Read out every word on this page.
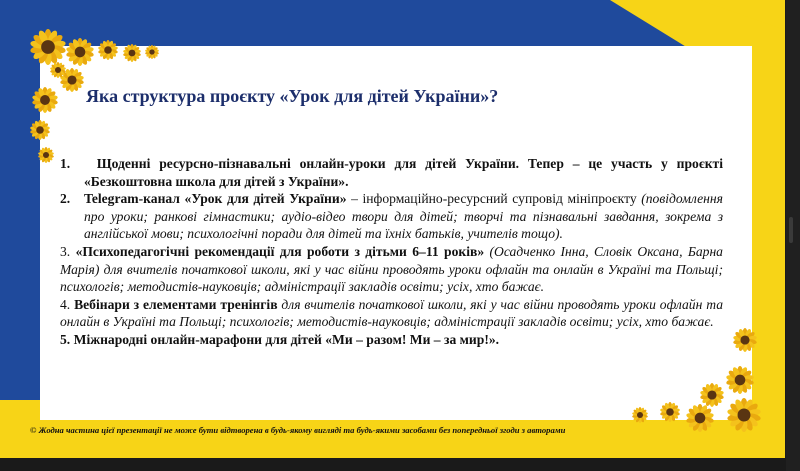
Яка структура проєкту «Урок для дітей України»?
1. Щоденні ресурсно-пізнавальні онлайн-уроки для дітей України. Тепер – це участь у проєкті «Безкоштовна школа для дітей з України».
2. Telegram-канал «Урок для дітей України» – інформаційно-ресурсний супровід мініпроєкту (повідомлення про уроки; ранкові гімнастики; аудіо-відео твори для дітей; творчі та пізнавальні завдання, зокрема з англійської мови; психологічні поради для дітей та їхніх батьків, учителів тощо).
3. «Психопедагогічні рекомендації для роботи з дітьми 6–11 років» (Осадченко Інна, Словік Оксана, Барна Марія) для вчителів початкової школи, які у час війни проводять уроки офлайн та онлайн в Україні та Польщі; психологів; методистів-науковців; адміністрації закладів освіти; усіх, хто бажає.
4. Вебінари з елементами тренінгів для вчителів початкової школи, які у час війни проводять уроки офлайн та онлайн в Україні та Польщі; психологів; методистів-науковців; адміністрації закладів освіти; усіх, хто бажає.
5. Міжнародні онлайн-марафони для дітей «Ми – разом! Ми – за мир!».
© Жодна частина цієї презентації не може бути відтворена в будь-якому вигляді та будь-якими засобами без попередньої згоди з авторами
